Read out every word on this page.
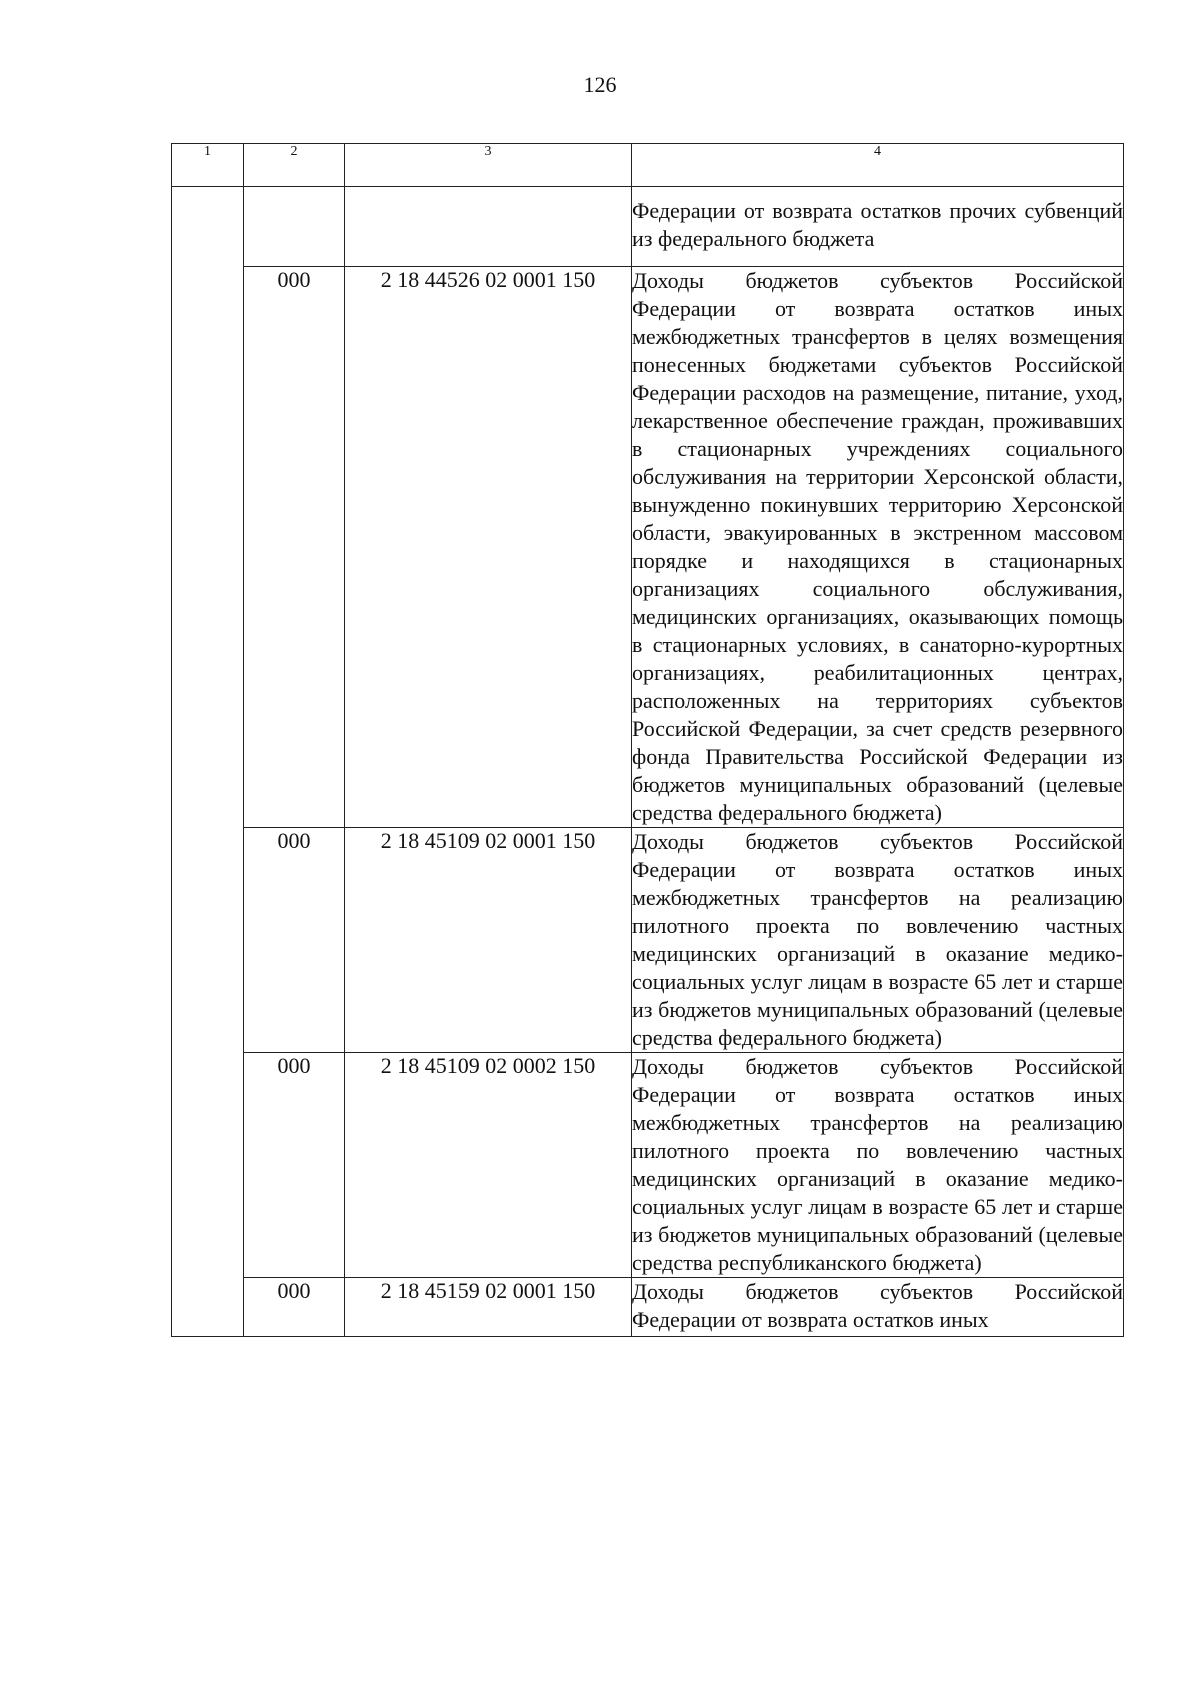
126
1	2	3	4
			Федерации от возврата остатков прочих субвенций из федерального бюджета
	000	2 18 44526 02 0001 150	Доходы бюджетов субъектов Российской Федерации от возврата остатков иных межбюджетных трансфертов в целях возмещения понесенных бюджетами субъектов Российской Федерации расходов на размещение, питание, уход, лекарственное обеспечение граждан, проживавших в стационарных учреждениях социального обслуживания на территории Херсонской области, вынужденно покинувших территорию Херсонской области, эвакуированных в экстренном массовом порядке и находящихся в стационарных организациях социального обслуживания, медицинских организациях, оказывающих помощь в стационарных условиях, в санаторно-курортных организациях, реабилитационных центрах, расположенных на территориях субъектов Российской Федерации, за счет средств резервного фонда Правительства Российской Федерации из бюджетов муниципальных образований (целевые средства федерального бюджета)
	000	2 18 45109 02 0001 150	Доходы бюджетов субъектов Российской Федерации от возврата остатков иных межбюджетных трансфертов на реализацию пилотного проекта по вовлечению частных медицинских организаций в оказание медико-социальных услуг лицам в возрасте 65 лет и старше из бюджетов муниципальных образований (целевые средства федерального бюджета)
	000	2 18 45109 02 0002 150	Доходы бюджетов субъектов Российской Федерации от возврата остатков иных межбюджетных трансфертов на реализацию пилотного проекта по вовлечению частных медицинских организаций в оказание медико-социальных услуг лицам в возрасте 65 лет и старше из бюджетов муниципальных образований (целевые средства республиканского бюджета)
	000	2 18 45159 02 0001 150	Доходы бюджетов субъектов Российской Федерации от возврата остатков иных
